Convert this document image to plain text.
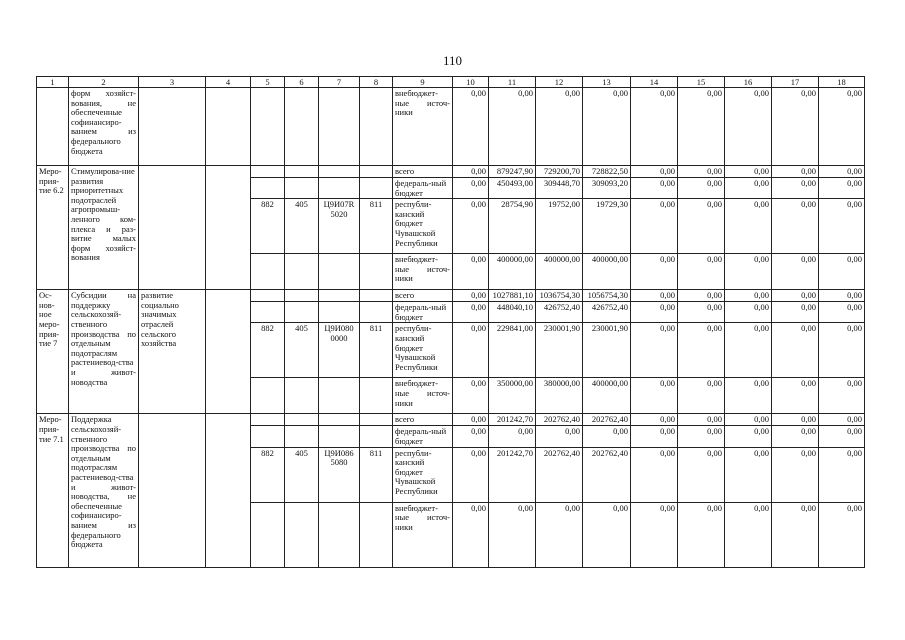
110
1	2	3	4	5	6	7	8	9	10	11	12	13	14	15	16	17	18
	форм хозяйст-вования, не обеспеченные софинансиро-ванием из федерального бюджета							внебюджет-ные источ-ники	0,00	0,00	0,00	0,00	0,00	0,00	0,00	0,00	0,00
Меро-прия-тие 6.2	Стимулирова-ние развития приоритетных подотраслей агропромыш-ленного ком-плекса и раз-витие малых форм хозяйст-вования							всего	0,00	879247,90	729200,70	728822,50	0,00	0,00	0,00	0,00	0,00
								федераль-ный бюджет	0,00	450493,00	309448,70	309093,20	0,00	0,00	0,00	0,00	0,00
				882	405	Ц9И07R 5020	811	республи-канский бюджет Чувашской Республики	0,00	28754,90	19752,00	19729,30	0,00	0,00	0,00	0,00	0,00
								внебюджет-ные источ-ники	0,00	400000,00	400000,00	400000,00	0,00	0,00	0,00	0,00	0,00
Ос-нов-ное меро-прия-тие 7	Субсидии на поддержку сельскохозяй-ственного производства по отдельным подотраслям растениевод-ства и живот-новодства	развитие социально значимых отраслей сельского хозяйства						всего	0,00	1027881,10	1036754,30	1056754,30	0,00	0,00	0,00	0,00	0,00
								федераль-ный бюджет	0,00	448040,10	426752,40	426752,40	0,00	0,00	0,00	0,00	0,00
				882	405	Ц9И080 0000	811	республи-канский бюджет Чувашской Республики	0,00	229841,00	230001,90	230001,90	0,00	0,00	0,00	0,00	0,00
								внебюджет-ные источ-ники	0,00	350000,00	380000,00	400000,00	0,00	0,00	0,00	0,00	0,00
Меро-прия-тие 7.1	Поддержка сельскохозяй-ственного производства по отдельным подотраслям растениевод-ства и живот-новодства, не обеспеченные софинансиро-ванием из федерального бюджета							всего	0,00	201242,70	202762,40	202762,40	0,00	0,00	0,00	0,00	0,00
								федераль-ный бюджет	0,00	0,00	0,00	0,00	0,00	0,00	0,00	0,00	0,00
				882	405	Ц9И086 5080	811	республи-канский бюджет Чувашской Республики	0,00	201242,70	202762,40	202762,40	0,00	0,00	0,00	0,00	0,00
								внебюджет-ные источ-ники	0,00	0,00	0,00	0,00	0,00	0,00	0,00	0,00	0,00
